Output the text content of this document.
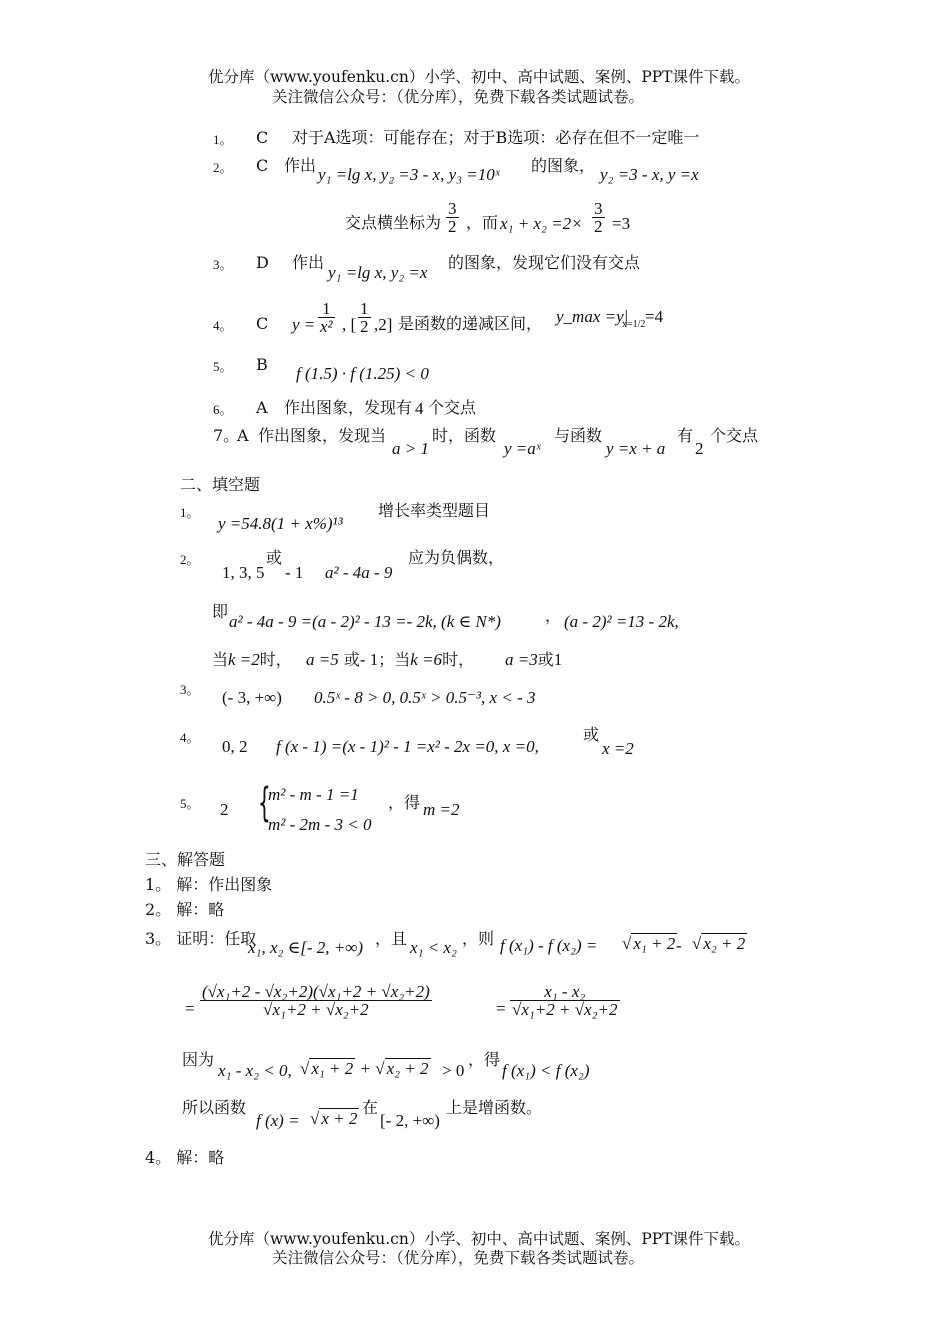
优分库（www.youfenku.cn）小学、初中、高中试题、案例、PPT课件下载。
关注微信公众号：（优分库），免费下载各类试题试卷。
1。 C 对于A选项：可能存在；对于B选项：必存在但不一定唯一
2。 C 作出 y₁ =lg x, y₂ =3 - x, y₃ =10ˣ 的图象， y₂ =3 - x, y =x
交点横坐标为 $\frac{3}{2}$ ，而 $x_1 + x_2 =2\times \frac{3}{2} =3$
3。 D 作出
y₁ =lg x, y₂ =x
的图象，发现它们没有交点
4。 C $y = \frac{1}{\text{x²}}$ , [ $\frac{1}{2} ,2$] 是函数的递减区间， y_max =y|
x=1/2 =4
5。 B f (1.5) · f (1.25) < 0
6。 A 作出图象，发现有 4 个交点
7。
A 作出图象，发现当
a > 1
时，函数
y =aˣ
与函数
y =x + a
有
2
个交点
二、填空题
1。
y =54.8(1 + x%)¹³
增长率类型题目
2。
1, 3, 5
或
- 1 a² - 4a - 9
应为负偶数，
即
a² - 4a - 9 =(a - 2)² - 13 =- 2k, (k ∈ N*)	， (a - 2)² =13 - 2k,
当k =2时， a =5 或- 1；当k =6时， a =3或1
3。 (- 3, +∞) 0.5ˣ - 8 > 0, 0.5ˣ > 0.5⁻³, x < - 3
4。 0, 2 f (x - 1) =(x - 1)² - 1 =x² - 2x =0, x =0,
或
x =2
5。 2 {
m² - m - 1 =1
m² - 2m - 3 < 0
，得 m =2
三、解答题
1。 解：作出图象
2。 解：略
3。 证明：任取
x₁, x₂ ∈[- 2, +∞) ，且 x₁ < x₂ ，则 f (x₁) - f (x₂) = √ x₁ + 2 - √ x₂ + 2
= $\frac{\text{(√x₁+2 - √x₂+2)(√x₁+2 + √x₂+2)}}{\text{√x₁+2 + √x₂+2}}$	= $\frac{\text{x₁ - x₂}}{\text{√x₁+2 + √x₂+2}}$
因为
x₁ - x₂ < 0, √ x₁ + 2 + √ x₂ + 2 > 0
，得
f (x₁) < f (x₂)
所以函数
f (x) = √ x + 2
在
[- 2, +∞)
上是增函数。
4。 解：略
优分库（www.youfenku.cn）小学、初中、高中试题、案例、PPT课件下载。
关注微信公众号：（优分库），免费下载各类试题试卷。
